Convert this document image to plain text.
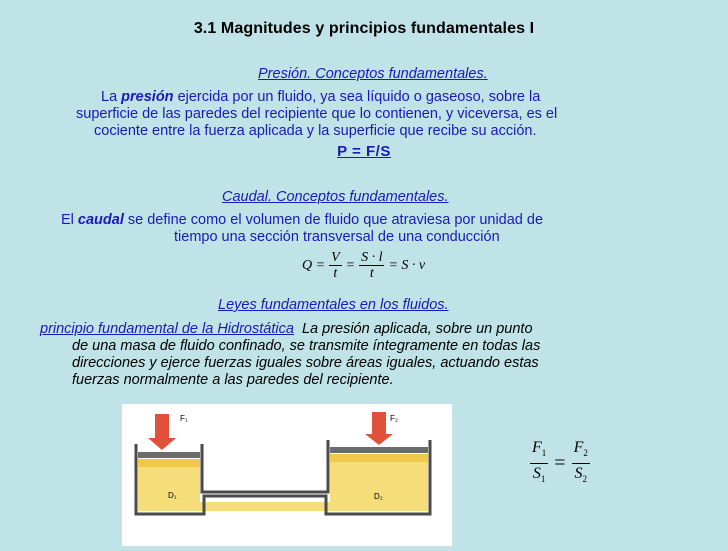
3.1 Magnitudes y principios fundamentales I
Presión. Conceptos fundamentales.
La presión ejercida por un fluido, ya sea líquido o gaseoso, sobre la
superficie de las paredes del recipiente que lo contienen, y viceversa, es el
cociente entre la fuerza aplicada y la superficie que recibe su acción.
P = F/S
Caudal. Conceptos fundamentales.
El caudal se define como el volumen de fluido que atraviesa por unidad de
tiempo una sección transversal de una conducción
$Q = \frac{V}{t} = \frac{S \cdot l}{t} = S \cdot v$
Leyes fundamentales en los fluidos.
principio fundamental de la Hidrostática La presión aplicada, sobre un punto
de una masa de fluido confinado, se transmite íntegramente en todas las
direcciones y ejerce fuerzas iguales sobre áreas iguales, actuando estas
fuerzas normalmente a las paredes del recipiente.
F₁	F₂
D₁	D₂
$\frac{F_1}{S_1} = \frac{F_2}{S_2}$
